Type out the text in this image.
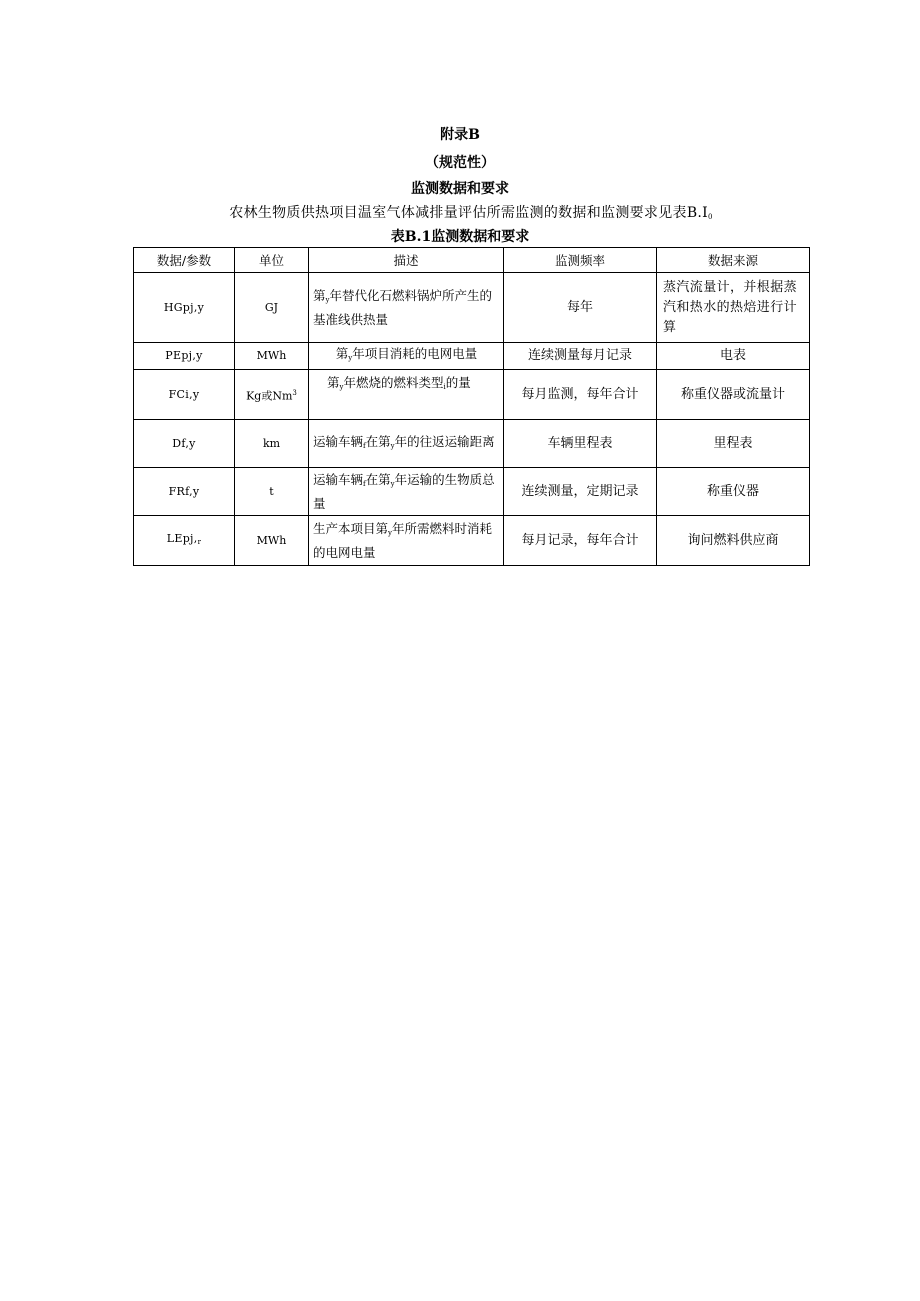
附录B
（规范性）
监测数据和要求
农林生物质供热项目温室气体减排量评估所需监测的数据和监测要求见表$B.I_0$
表B.1监测数据和要求
数据/参数	单位	描述	监测频率	数据来源
HGpj,y	GJ	第$_y$年替代化石燃料锅炉所产生的基准线供热量	每年	蒸汽流量计，并根据蒸汽和热水的热焙进行计算
PEpj,y	MWh	第$_y$年项目消耗的电网电量	连续测量每月记录	电表
FCi,y	Kg或Nm$^3$	第$_y$年燃烧的燃料类型$_i$的量	每月监测，每年合计	称重仪器或流量计
Df,y	km	运输车辆$_f$在第$_y$年的往返运输距离	车辆里程表	里程表
FRf,y	t	运输车辆$_f$在第$_y$年运输的生物质总量	连续测量，定期记录	称重仪器
$LEpj,_r$	MWh	生产本项目第$_y$年所需燃料时消耗的电网电量	每月记录，每年合计	询问燃料供应商
